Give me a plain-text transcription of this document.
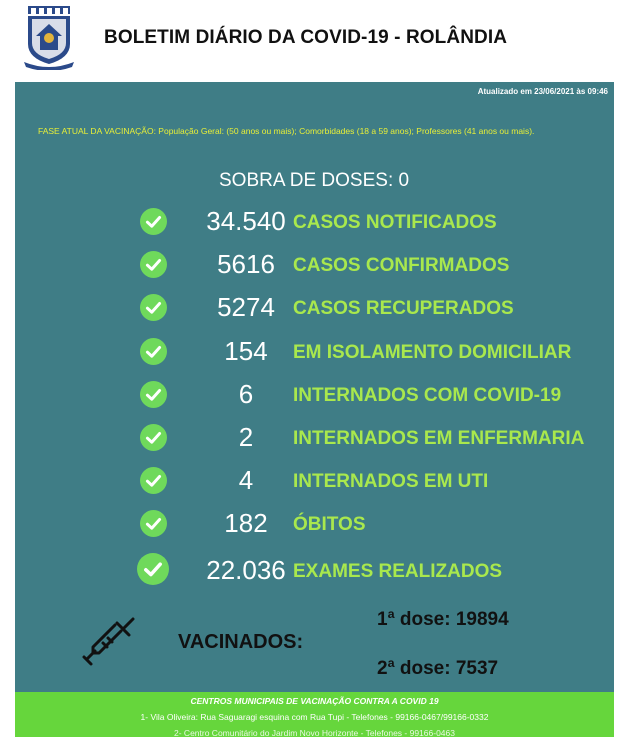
BOLETIM DIÁRIO DA COVID-19 - ROLÂNDIA
Atualizado em 23/06/2021 às 09:46
FASE ATUAL DA VACINAÇÃO: População Geral: (50 anos ou mais); Comorbidades (18 a 59 anos); Professores (41 anos ou mais).
SOBRA DE DOSES: 0
34.540 CASOS NOTIFICADOS
5616 CASOS CONFIRMADOS
5274 CASOS RECUPERADOS
154	EM ISOLAMENTO DOMICILIAR
6	INTERNADOS COM COVID-19
2	INTERNADOS EM ENFERMARIA
4	INTERNADOS EM UTI
182	ÓBITOS
22.036 EXAMES REALIZADOS
VACINADOS:
1ª dose: 19894
2ª dose: 7537
CENTROS MUNICIPAIS DE VACINAÇÃO CONTRA A COVID 19
1- Vila Oliveira: Rua Saguaragi esquina com Rua Tupi - Telefones - 99166-0467/99166-0332
2- Centro Comunitário do Jardim Novo Horizonte - Telefones - 99166-0463
